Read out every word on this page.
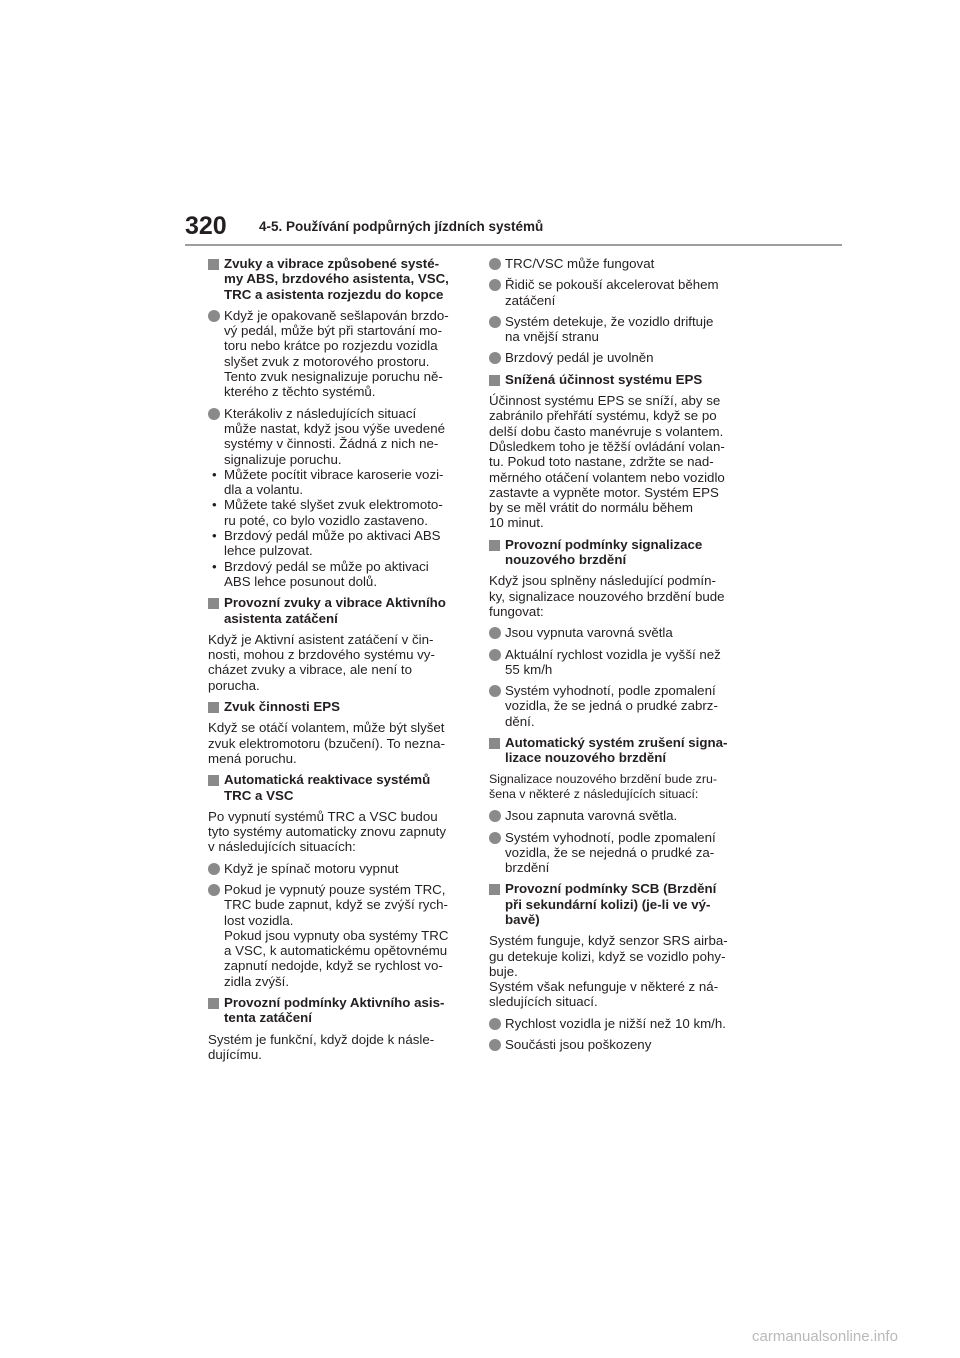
320 4-5. Používání podpůrných jízdních systémů
Zvuky a vibrace způsobené systé-
my ABS, brzdového asistenta, VSC,
TRC a asistenta rozjezdu do kopce
Když je opakovaně sešlapován brzdo-
vý pedál, může být při startování mo-
toru nebo krátce po rozjezdu vozidla
slyšet zvuk z motorového prostoru.
Tento zvuk nesignalizuje poruchu ně-
kterého z těchto systémů.
Kterákoliv z následujících situací
může nastat, když jsou výše uvedené
systémy v činnosti. Žádná z nich ne-
signalizuje poruchu.
• Můžete pocítit vibrace karoserie vozi-
dla a volantu.
• Můžete také slyšet zvuk elektromoto-
ru poté, co bylo vozidlo zastaveno.
• Brzdový pedál může po aktivaci ABS
lehce pulzovat.
• Brzdový pedál se může po aktivaci
ABS lehce posunout dolů.
Provozní zvuky a vibrace Aktivního
asistenta zatáčení
Když je Aktivní asistent zatáčení v čin-
nosti, mohou z brzdového systému vy-
cházet zvuky a vibrace, ale není to
porucha.
Zvuk činnosti EPS
Když se otáčí volantem, může být slyšet
zvuk elektromotoru (bzučení). To nezna-
mená poruchu.
Automatická reaktivace systémů
TRC a VSC
Po vypnutí systémů TRC a VSC budou
tyto systémy automaticky znovu zapnuty
v následujících situacích:
Když je spínač motoru vypnut
Pokud je vypnutý pouze systém TRC,
TRC bude zapnut, když se zvýší rych-
lost vozidla.
Pokud jsou vypnuty oba systémy TRC
a VSC, k automatickému opětovnému
zapnutí nedojde, když se rychlost vo-
zidla zvýší.
Provozní podmínky Aktivního asis-
tenta zatáčení
Systém je funkční, když dojde k násle-
dujícímu.
TRC/VSC může fungovat
Řidič se pokouší akcelerovat během
zatáčení
Systém detekuje, že vozidlo driftuje
na vnější stranu
Brzdový pedál je uvolněn
Snížená účinnost systému EPS
Účinnost systému EPS se sníží, aby se
zabránilo přehřátí systému, když se po
delší dobu často manévruje s volantem.
Důsledkem toho je těžší ovládání volan-
tu. Pokud toto nastane, zdržte se nad-
měrného otáčení volantem nebo vozidlo
zastavte a vypněte motor. Systém EPS
by se měl vrátit do normálu během
10 minut.
Provozní podmínky signalizace
nouzového brzdění
Když jsou splněny následující podmín-
ky, signalizace nouzového brzdění bude
fungovat:
Jsou vypnuta varovná světla
Aktuální rychlost vozidla je vyšší než
55 km/h
Systém vyhodnotí, podle zpomalení
vozidla, že se jedná o prudké zabrz-
dění.
Automatický systém zrušení signa-
lizace nouzového brzdění
Signalizace nouzového brzdění bude zru-
šena v některé z následujících situací:
Jsou zapnuta varovná světla.
Systém vyhodnotí, podle zpomalení
vozidla, že se nejedná o prudké za-
brzdění
Provozní podmínky SCB (Brzdění
při sekundární kolizi) (je-li ve vý-
bavě)
Systém funguje, když senzor SRS airba-
gu detekuje kolizi, když se vozidlo pohy-
buje.
Systém však nefunguje v některé z ná-
sledujících situací.
Rychlost vozidla je nižší než 10 km/h.
Součásti jsou poškozeny
carmanualsonline.info
